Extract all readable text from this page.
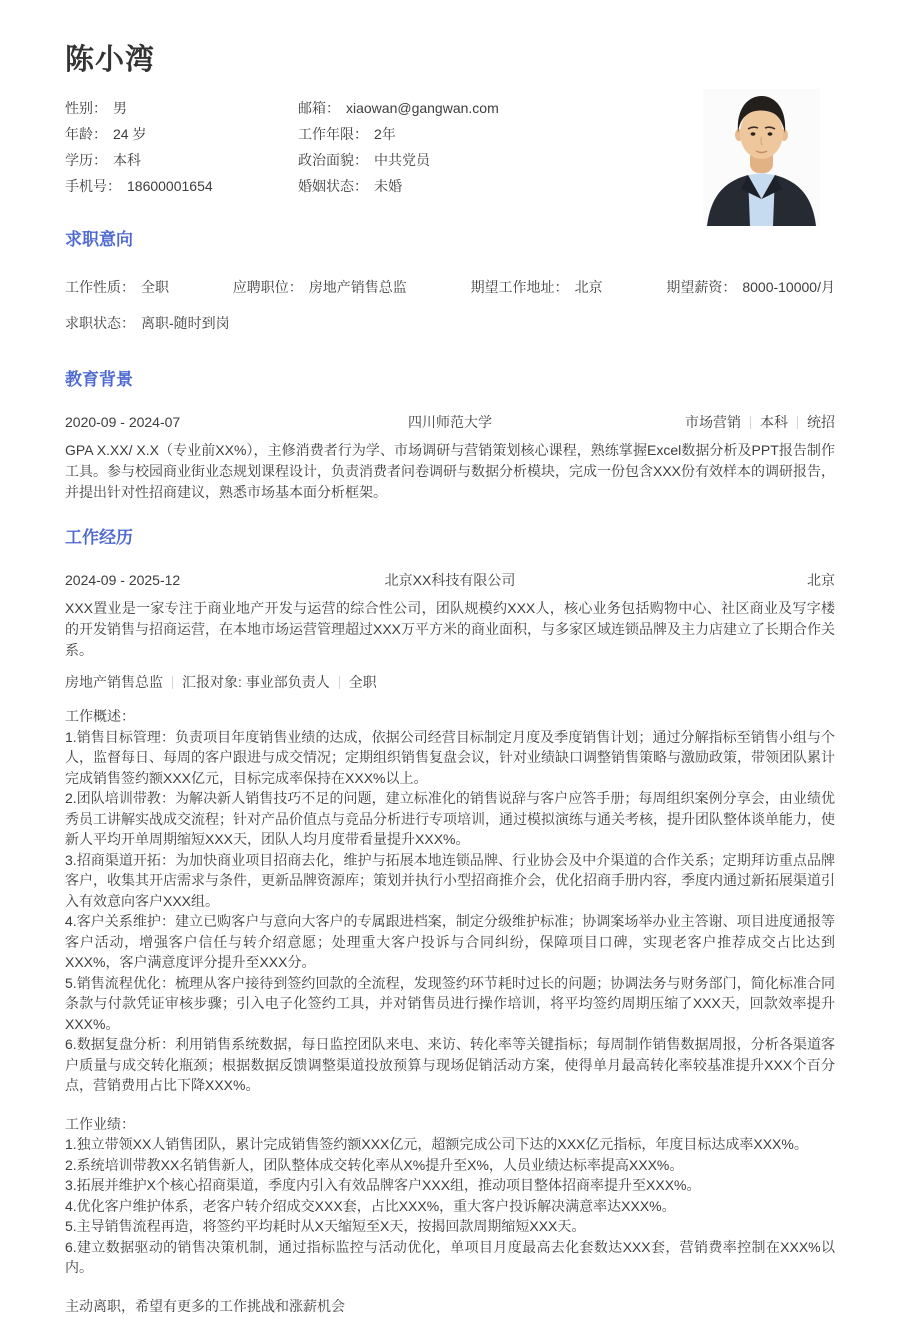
陈小湾
性别： 男	邮箱： xiaowan@gangwan.com
年龄： 24 岁	工作年限： 2年
学历： 本科	政治面貌： 中共党员
手机号： 18600001654	婚姻状态： 未婚
求职意向
工作性质： 全职	应聘职位： 房地产销售总监	期望工作地址： 北京	期望薪资： 8000-10000/月
求职状态： 离职-随时到岗
教育背景
2020-09 - 2024-07	四川师范大学	市场营销 本科 统招

GPA X.XX/ X.X（专业前XX%），主修消费者行为学、市场调研与营销策划核心课程，熟练掌握Excel数据分析及PPT报告制作工具。参与校园商业街业态规划课程设计，负责消费者问卷调研与数据分析模块，完成一份包含XXX份有效样本的调研报告，并提出针对性招商建议，熟悉市场基本面分析框架。

工作经历
2024-09 - 2025-12	北京XX科技有限公司	北京

XXX置业是一家专注于商业地产开发与运营的综合性公司，团队规模约XXX人，核心业务包括购物中心、社区商业及写字楼的开发销售与招商运营，在本地市场运营管理超过XXX万平方米的商业面积，与多家区域连锁品牌及主力店建立了长期合作关系。

房地产销售总监 汇报对象: 事业部负责人 全职

工作概述：

1.销售目标管理：负责项目年度销售业绩的达成，依据公司经营目标制定月度及季度销售计划；通过分解指标至销售小组与个人，监督每日、每周的客户跟进与成交情况；定期组织销售复盘会议，针对业绩缺口调整销售策略与激励政策，带领团队累计完成销售签约额XXX亿元，目标完成率保持在XXX%以上。

2.团队培训带教：为解决新人销售技巧不足的问题，建立标准化的销售说辞与客户应答手册；每周组织案例分享会，由业绩优秀员工讲解实战成交流程；针对产品价值点与竞品分析进行专项培训，通过模拟演练与通关考核，提升团队整体谈单能力，使新人平均开单周期缩短XXX天，团队人均月度带看量提升XXX%。

3.招商渠道开拓：为加快商业项目招商去化，维护与拓展本地连锁品牌、行业协会及中介渠道的合作关系；定期拜访重点品牌客户，收集其开店需求与条件，更新品牌资源库；策划并执行小型招商推介会，优化招商手册内容，季度内通过新拓展渠道引入有效意向客户XXX组。

4.客户关系维护：建立已购客户与意向大客户的专属跟进档案，制定分级维护标准；协调案场举办业主答谢、项目进度通报等客户活动，增强客户信任与转介绍意愿；处理重大客户投诉与合同纠纷，保障项目口碑，实现老客户推荐成交占比达到XXX%，客户满意度评分提升至XXX分。

5.销售流程优化：梳理从客户接待到签约回款的全流程，发现签约环节耗时过长的问题；协调法务与财务部门，简化标准合同条款与付款凭证审核步骤；引入电子化签约工具，并对销售员进行操作培训，将平均签约周期压缩了XXX天，回款效率提升XXX%。

6.数据复盘分析：利用销售系统数据，每日监控团队来电、来访、转化率等关键指标；每周制作销售数据周报，分析各渠道客户质量与成交转化瓶颈；根据数据反馈调整渠道投放预算与现场促销活动方案，使得单月最高转化率较基准提升XXX个百分点，营销费用占比下降XXX%。

工作业绩：

1.独立带领XX人销售团队，累计完成销售签约额XXX亿元，超额完成公司下达的XXX亿元指标，年度目标达成率XXX%。

2.系统培训带教XX名销售新人，团队整体成交转化率从X%提升至X%，人员业绩达标率提高XXX%。

3.拓展并维护X个核心招商渠道，季度内引入有效品牌客户XXX组，推动项目整体招商率提升至XXX%。

4.优化客户维护体系，老客户转介绍成交XXX套，占比XXX%，重大客户投诉解决满意率达XXX%。

5.主导销售流程再造，将签约平均耗时从X天缩短至X天，按揭回款周期缩短XXX天。

6.建立数据驱动的销售决策机制，通过指标监控与活动优化，单项目月度最高去化套数达XXX套，营销费率控制在XXX%以内。

主动离职，希望有更多的工作挑战和涨薪机会
